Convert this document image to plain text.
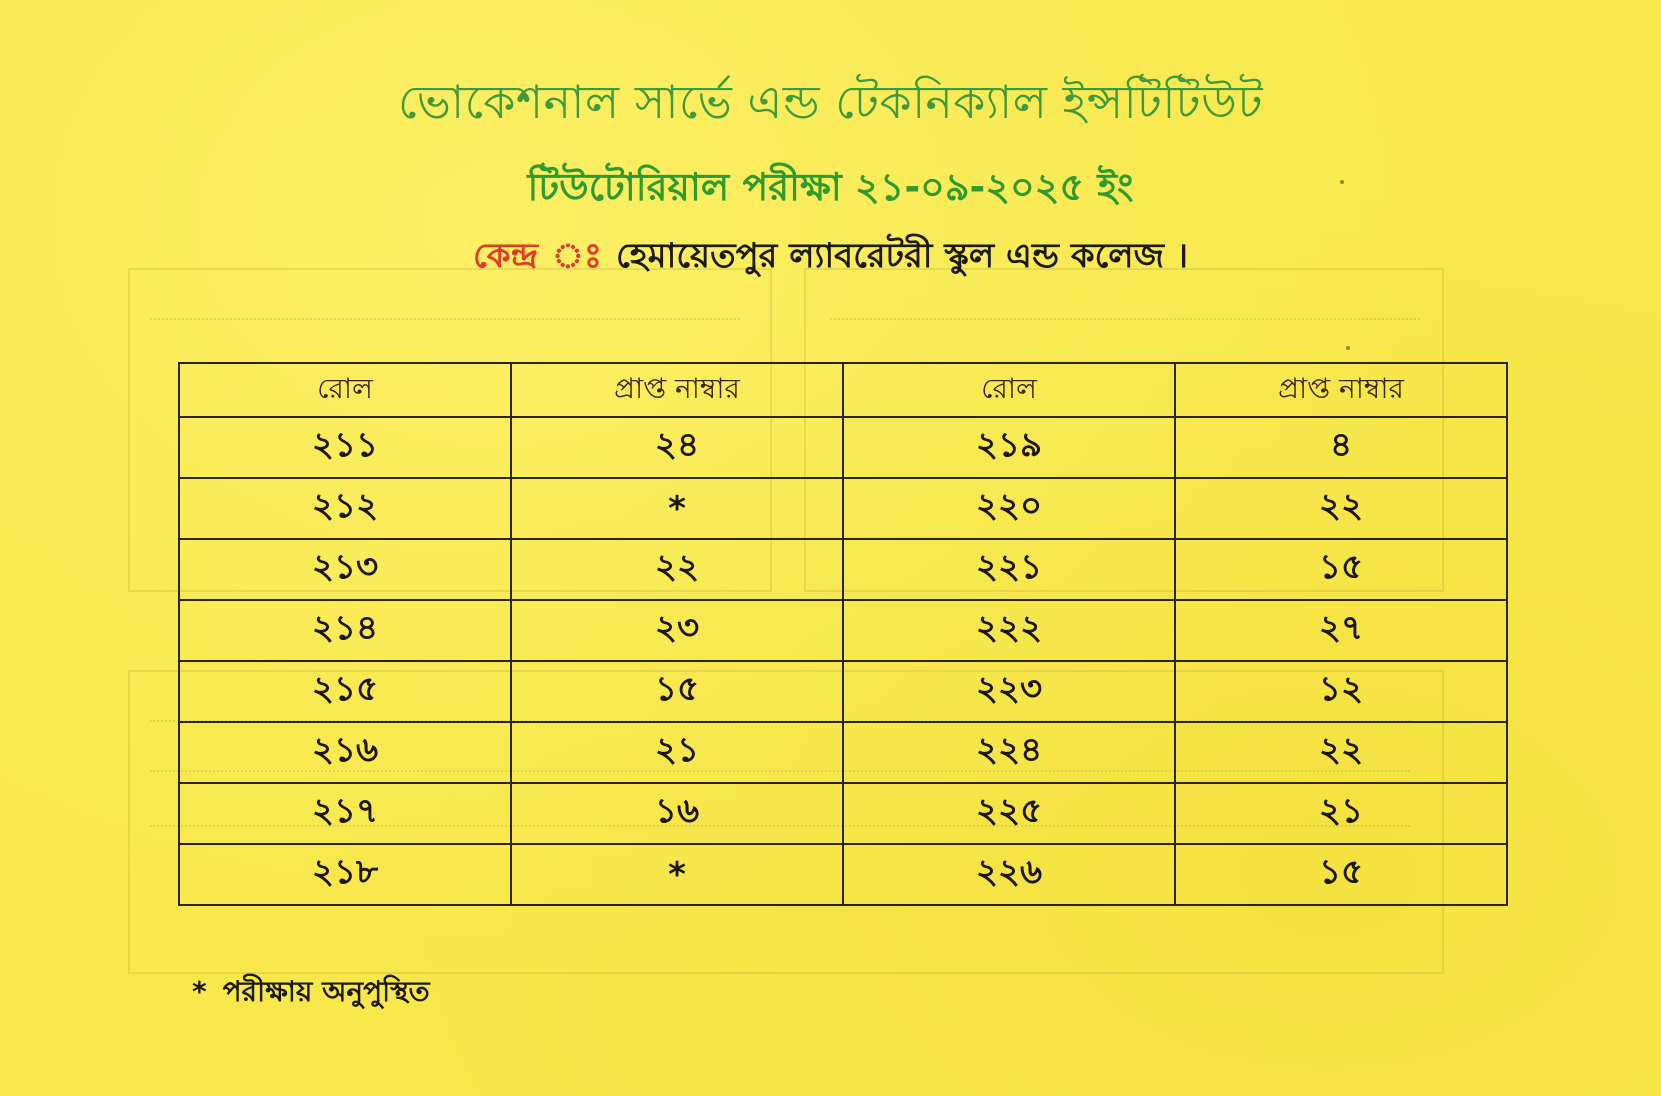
ভোকেশনাল সার্ভে এন্ড টেকনিক্যাল ইন্সটিটিউট
টিউটোরিয়াল পরীক্ষা ২১-০৯-২০২৫ ইং
কেন্দ্র ঃ হেমায়েতপুর ল্যাবরেটরী স্কুল এন্ড কলেজ ।
রোল	প্রাপ্ত নাম্বার	রোল	প্রাপ্ত নাম্বার
২১১	২৪	২১৯	৪
২১২	*	২২০	২২
২১৩	২২	২২১	১৫
২১৪	২৩	২২২	২৭
২১৫	১৫	২২৩	১২
২১৬	২১	২২৪	২২
২১৭	১৬	২২৫	২১
২১৮	*	২২৬	১৫
* পরীক্ষায় অনুপুস্থিত
